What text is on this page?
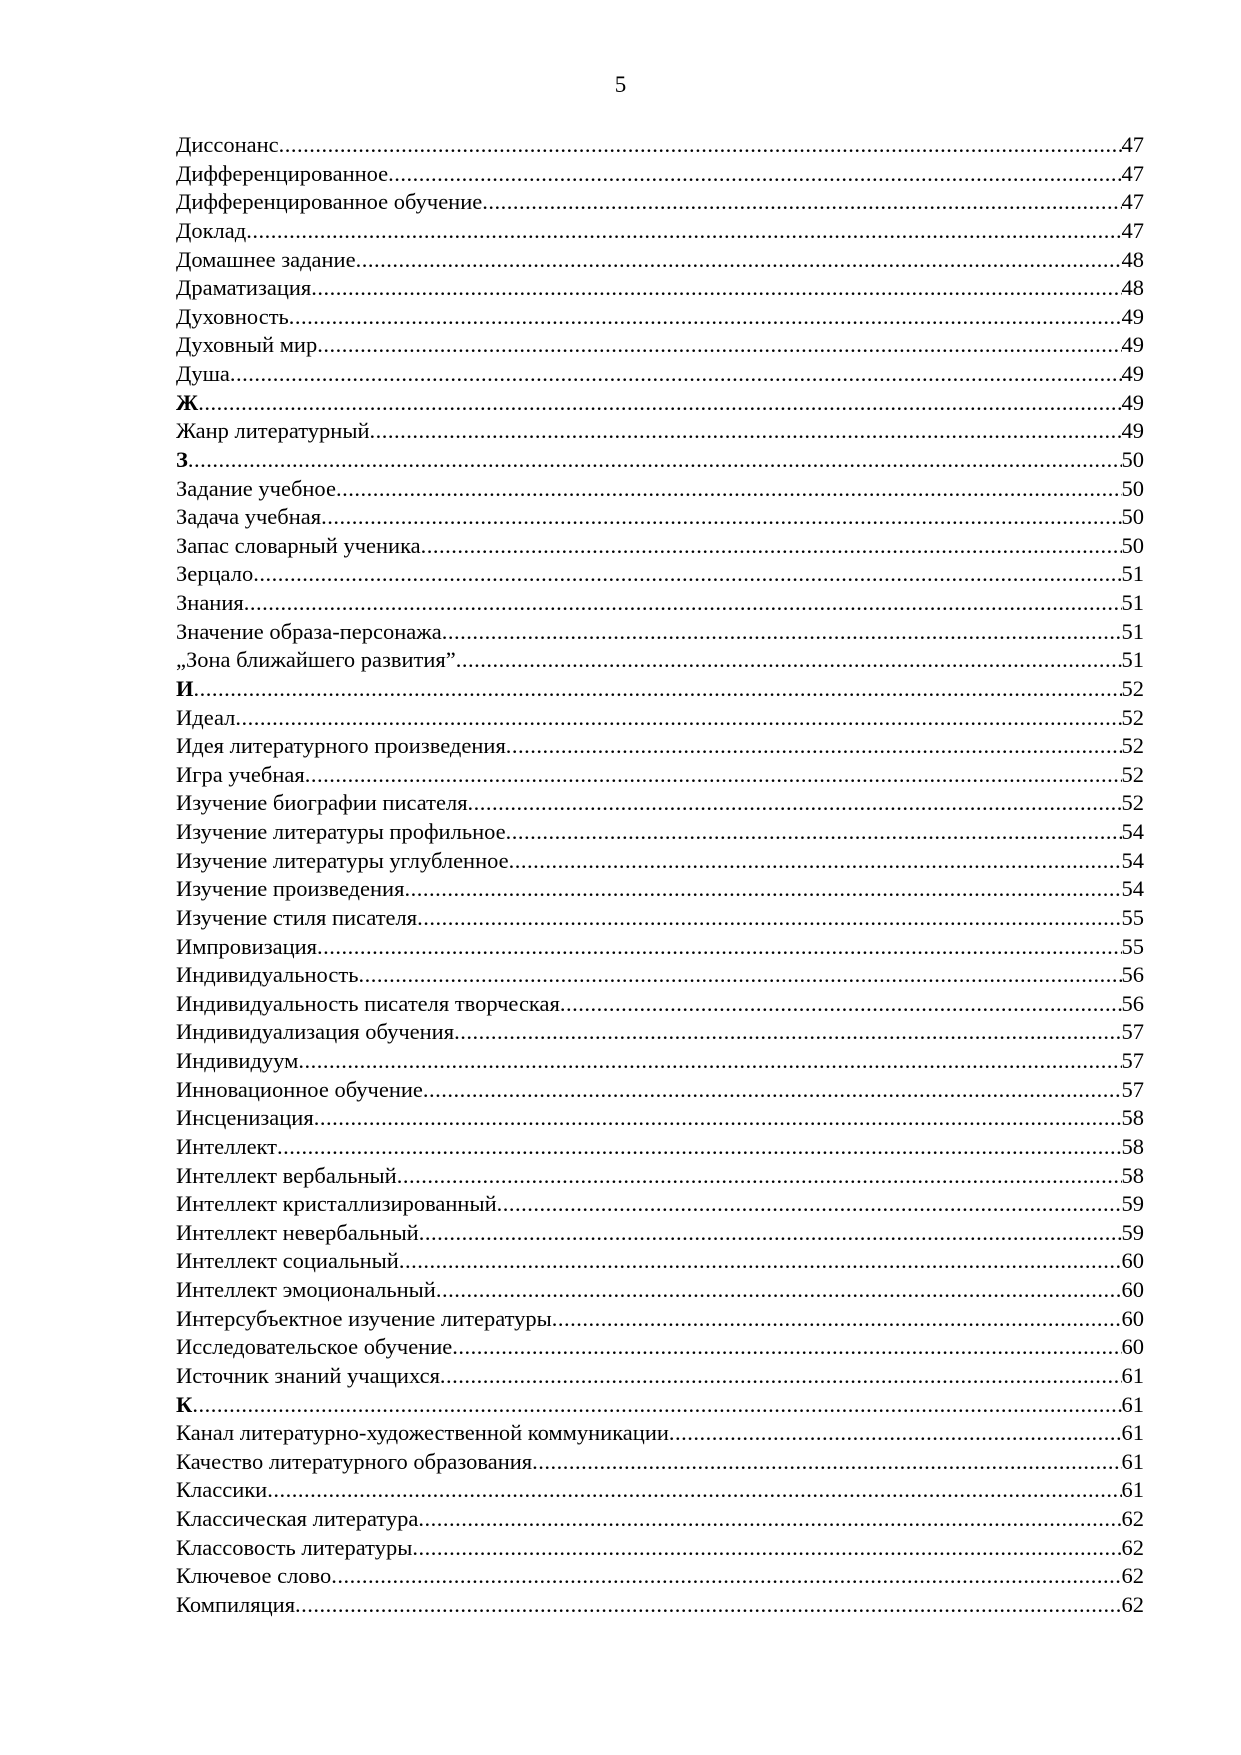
5
Диссонанс .....	47
Дифференцированное .....	47
Дифференцированное обучение .....	47
Доклад .....	47
Домашнее задание .....	48
Драматизация .....	48
Духовность .....	49
Духовный мир .....	49
Душа .....	49
Ж .....	49
Жанр литературный .....	49
З .....	50
Задание учебное .....	50
Задача учебная .....	50
Запас словарный ученика .....	50
Зерцало .....	51
Знания .....	51
Значение образа-персонажа .....	51
„Зона ближайшего развития” .....	51
И .....	52
Идеал .....	52
Идея литературного произведения .....	52
Игра учебная .....	52
Изучение биографии писателя .....	52
Изучение литературы профильное .....	54
Изучение литературы углубленное .....	54
Изучение произведения .....	54
Изучение стиля писателя .....	55
Импровизация .....	55
Индивидуальность .....	56
Индивидуальность писателя творческая .....	56
Индивидуализация обучения .....	57
Индивидуум .....	57
Инновационное обучение .....	57
Инсценизация .....	58
Интеллект .....	58
Интеллект вербальный .....	58
Интеллект кристаллизированный .....	59
Интеллект невербальный .....	59
Интеллект социальный .....	60
Интеллект эмоциональный .....	60
Интерсубъектное изучение литературы .....	60
Исследовательское обучение .....	60
Источник знаний учащихся .....	61
К .....	61
Канал литературно-художественной коммуникации .....	61
Качество литературного образования .....	61
Классики .....	61
Классическая литература .....	62
Классовость литературы .....	62
Ключевое слово .....	62
Компиляция .....	62
